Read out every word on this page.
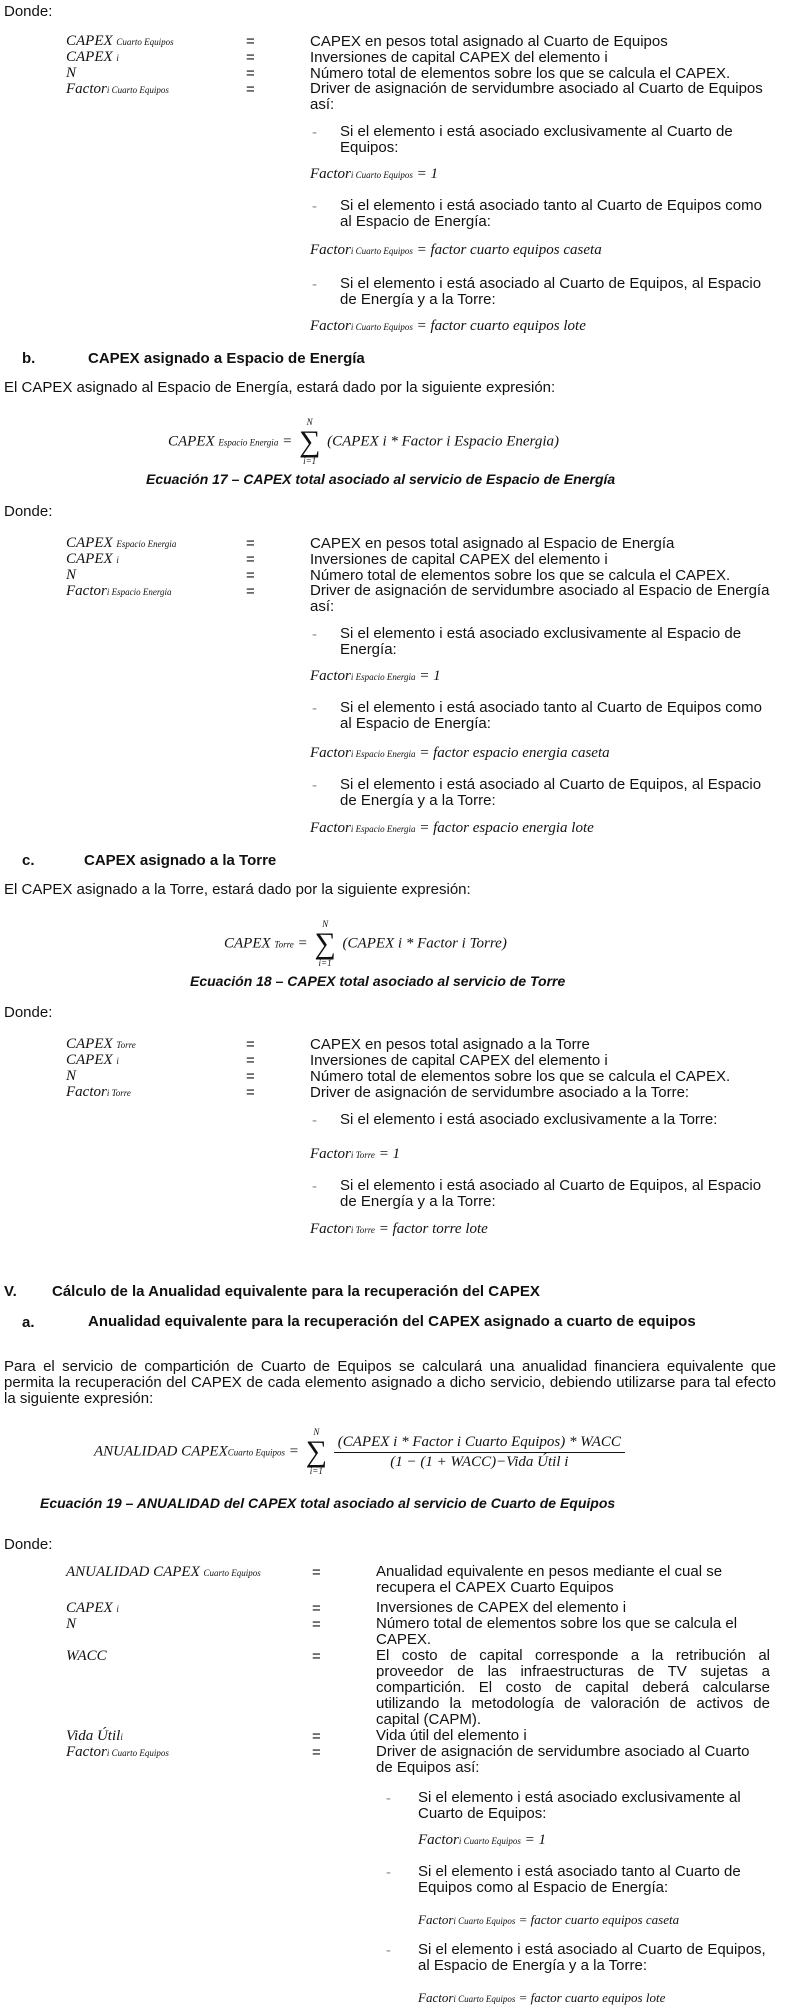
Donde:
CAPEX Cuarto Equipos	=	CAPEX en pesos total asignado al Cuarto de Equipos
CAPEX i	=	Inversiones de capital CAPEX del elemento i
N	=	Número total de elementos sobre los que se calcula el CAPEX.
Factori Cuarto Equipos	=	Driver de asignación de servidumbre asociado al Cuarto de Equipos así:
- Si el elemento i está asociado exclusivamente al Cuarto de Equipos:
Factori Cuarto Equipos = 1
- Si el elemento i está asociado tanto al Cuarto de Equipos como al Espacio de Energía:
Factori Cuarto Equipos = factor cuarto equipos caseta
- Si el elemento i está asociado al Cuarto de Equipos, al Espacio de Energía y a la Torre:
Factori Cuarto Equipos = factor cuarto equipos lote
b.	CAPEX asignado a Espacio de Energía
El CAPEX asignado al Espacio de Energía, estará dado por la siguiente expresión:
CAPEX Espacio Energia =
N
∑
i=1
(CAPEX i * Factor i Espacio Energia)
Ecuación 17 – CAPEX total asociado al servicio de Espacio de Energía
Donde:
CAPEX Espacio Energia	=	CAPEX en pesos total asignado al Espacio de Energía
CAPEX i	=	Inversiones de capital CAPEX del elemento i
N	=	Número total de elementos sobre los que se calcula el CAPEX.
Factori Espacio Energia	=	Driver de asignación de servidumbre asociado al Espacio de Energía así:
- Si el elemento i está asociado exclusivamente al Espacio de Energía:
Factori Espacio Energia = 1
- Si el elemento i está asociado tanto al Cuarto de Equipos como al Espacio de Energía:
Factori Espacio Energia = factor espacio energia caseta
- Si el elemento i está asociado al Cuarto de Equipos, al Espacio de Energía y a la Torre:
Factori Espacio Energia = factor espacio energia lote
c.	CAPEX asignado a la Torre
El CAPEX asignado a la Torre, estará dado por la siguiente expresión:
CAPEX Torre =
N
∑
i=1
(CAPEX i * Factor i Torre)
Ecuación 18 – CAPEX total asociado al servicio de Torre
Donde:
CAPEX Torre	=	CAPEX en pesos total asignado a la Torre
CAPEX i	=	Inversiones de capital CAPEX del elemento i
N	=	Número total de elementos sobre los que se calcula el CAPEX.
Factori Torre	=	Driver de asignación de servidumbre asociado a la Torre:
- Si el elemento i está asociado exclusivamente a la Torre:
Factori Torre = 1
- Si el elemento i está asociado al Cuarto de Equipos, al Espacio de Energía y a la Torre:
Factori Torre = factor torre lote
V. Cálculo de la Anualidad equivalente para la recuperación del CAPEX
a.	Anualidad equivalente para la recuperación del CAPEX asignado a cuarto de equipos
Para el servicio de compartición de Cuarto de Equipos se calculará una anualidad financiera equivalente que permita la recuperación del CAPEX de cada elemento asignado a dicho servicio, debiendo utilizarse para tal efecto la siguiente expresión:
ANUALIDAD CAPEXCuarto Equipos =
N
∑
i=1

$\frac{\text{(CAPEX i * Factor i Cuarto Equipos) * WACC}}{\text{(1 − (1 + WACC)−Vida Útil i}}$
Ecuación 19 – ANUALIDAD del CAPEX total asociado al servicio de Cuarto de Equipos
Donde:
ANUALIDAD CAPEX Cuarto Equipos	=	Anualidad equivalente en pesos mediante el cual se recupera el CAPEX Cuarto Equipos
CAPEX i	=	Inversiones de CAPEX del elemento i
N	=	Número total de elementos sobre los que se calcula el CAPEX.
WACC	=	El costo de capital corresponde a la retribución al proveedor de las infraestructuras de TV sujetas a compartición. El costo de capital deberá calcularse utilizando la metodología de valoración de activos de capital (CAPM).
Vida Útili	=	Vida útil del elemento i
Factori Cuarto Equipos	=	Driver de asignación de servidumbre asociado al Cuarto de Equipos así:
- Si el elemento i está asociado exclusivamente al Cuarto de Equipos:
Factori Cuarto Equipos = 1
- Si el elemento i está asociado tanto al Cuarto de Equipos como al Espacio de Energía:
Factori Cuarto Equipos = factor cuarto equipos caseta
- Si el elemento i está asociado al Cuarto de Equipos, al Espacio de Energía y a la Torre:
Factori Cuarto Equipos = factor cuarto equipos lote
